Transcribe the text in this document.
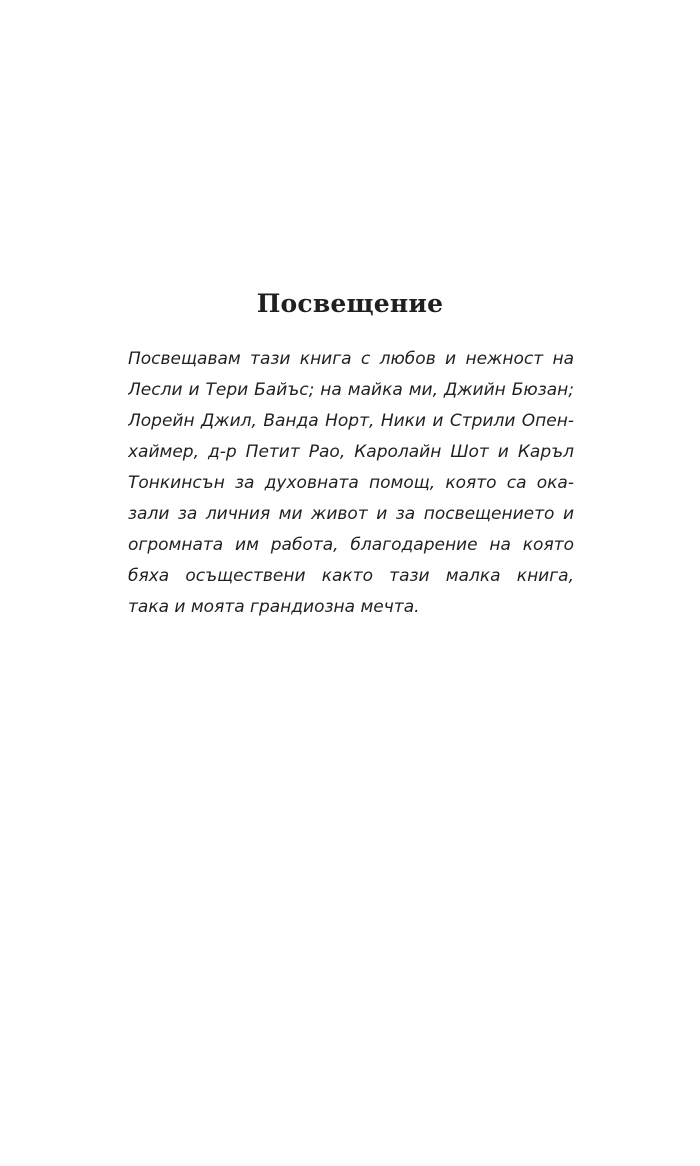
Посвещение
Посвещавам тази книга с любов и нежност на
Лесли и Тери Байъс; на майка ми, Джийн Бюзан;
Лорейн Джил, Ванда Норт, Ники и Стрили Опен-
хаймер, д-р Петит Рао, Каролайн Шот и Каръл
Тонкинсън за духовната помощ, която са ока-
зали за личния ми живот и за посвещението и
огромната им работа, благодарение на която
бяха осъществени както тази малка книга,
така и моята грандиозна мечта.
